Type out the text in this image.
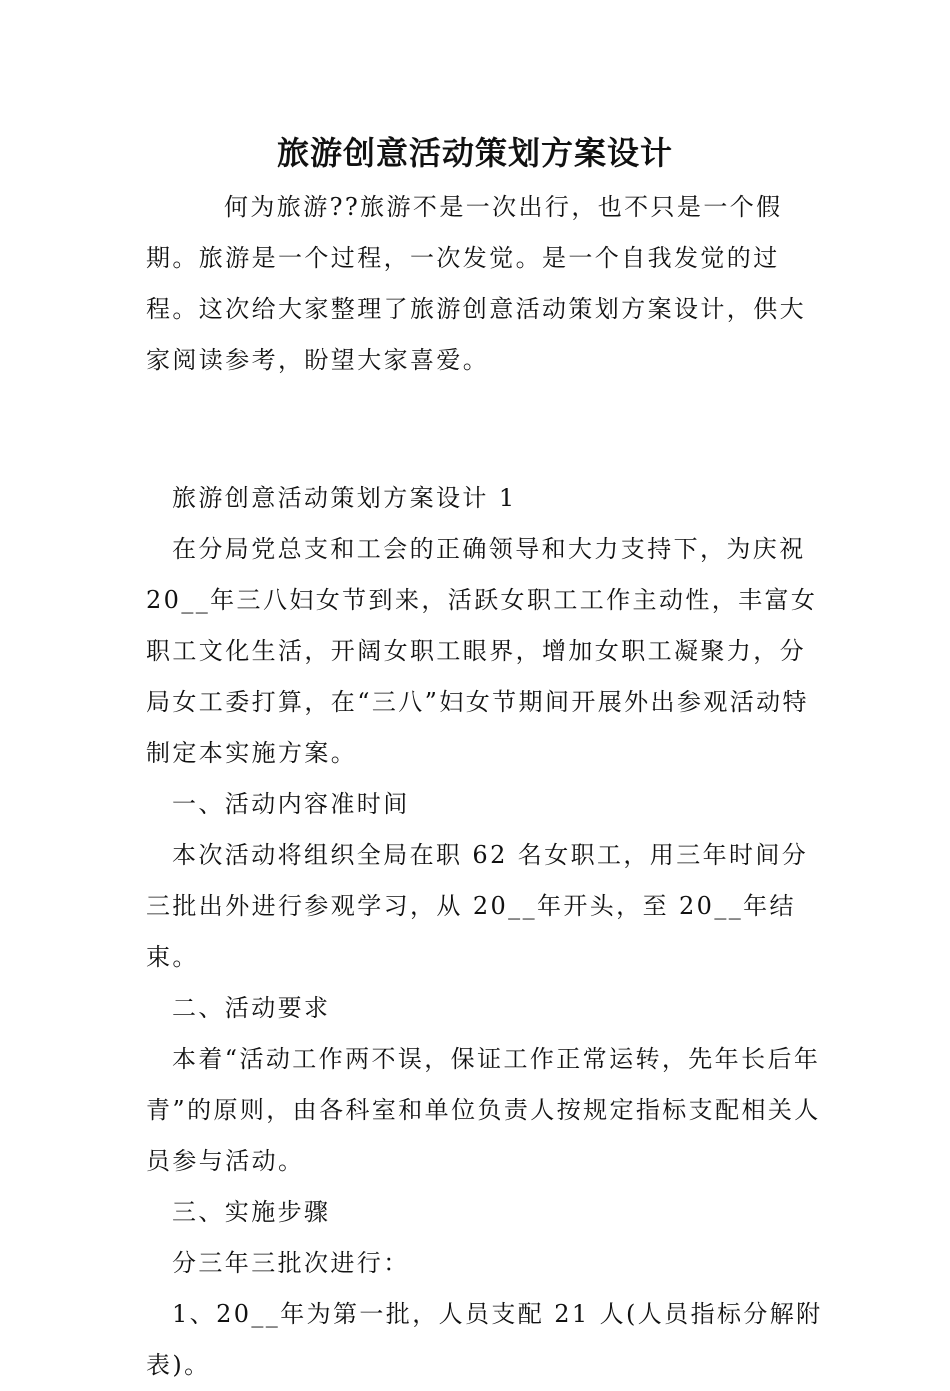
旅游创意活动策划方案设计

何为旅游??旅游不是一次出行，也不只是一个假期。旅游是一个过程，一次发觉。是一个自我发觉的过程。这次给大家整理了旅游创意活动策划方案设计，供大家阅读参考，盼望大家喜爱。

旅游创意活动策划方案设计 1

在分局党总支和工会的正确领导和大力支持下，为庆祝 20__年三八妇女节到来，活跃女职工工作主动性，丰富女职工文化生活，开阔女职工眼界，增加女职工凝聚力，分局女工委打算，在“三八”妇女节期间开展外出参观活动特制定本实施方案。

一、活动内容准时间

本次活动将组织全局在职 62 名女职工，用三年时间分三批出外进行参观学习，从 20__年开头，至 20__年结束。

二、活动要求

本着“活动工作两不误，保证工作正常运转，先年长后年青”的原则，由各科室和单位负责人按规定指标支配相关人员参与活动。

三、实施步骤

分三年三批次进行：

1、20__年为第一批，人员支配 21 人(人员指标分解附表)。
